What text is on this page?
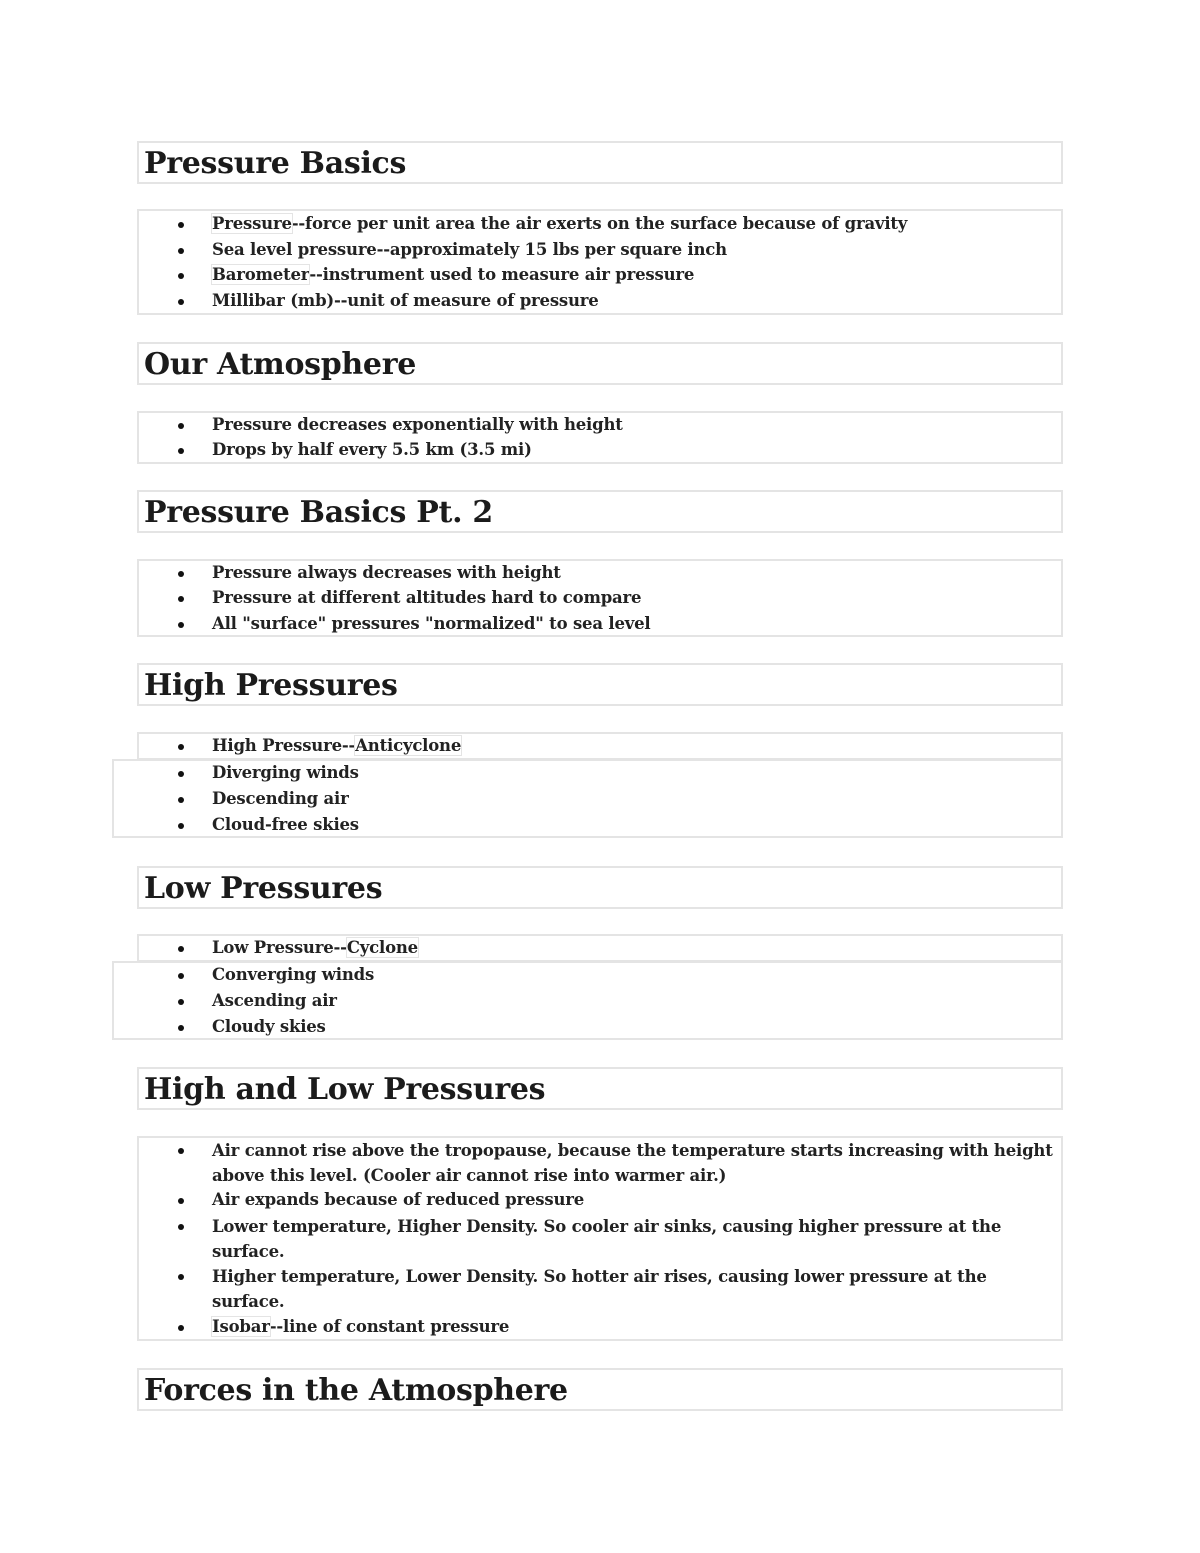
Pressure Basics
Pressure--force per unit area the air exerts on the surface because of gravity
Sea level pressure--approximately 15 lbs per square inch
Barometer--instrument used to measure air pressure
Millibar (mb)--unit of measure of pressure
Our Atmosphere
Pressure decreases exponentially with height
Drops by half every 5.5 km (3.5 mi)
Pressure Basics Pt. 2
Pressure always decreases with height
Pressure at different altitudes hard to compare
All "surface" pressures "normalized" to sea level
High Pressures
High Pressure--Anticyclone
Diverging winds
Descending air
Cloud-free skies
Low Pressures
Low Pressure--Cyclone
Converging winds
Ascending air
Cloudy skies
High and Low Pressures
Air cannot rise above the tropopause, because the temperature starts increasing with height above this level. (Cooler air cannot rise into warmer air.)
Air expands because of reduced pressure
Lower temperature, Higher Density. So cooler air sinks, causing higher pressure at the surface.
Higher temperature, Lower Density. So hotter air rises, causing lower pressure at the surface.
Isobar--line of constant pressure
Forces in the Atmosphere
